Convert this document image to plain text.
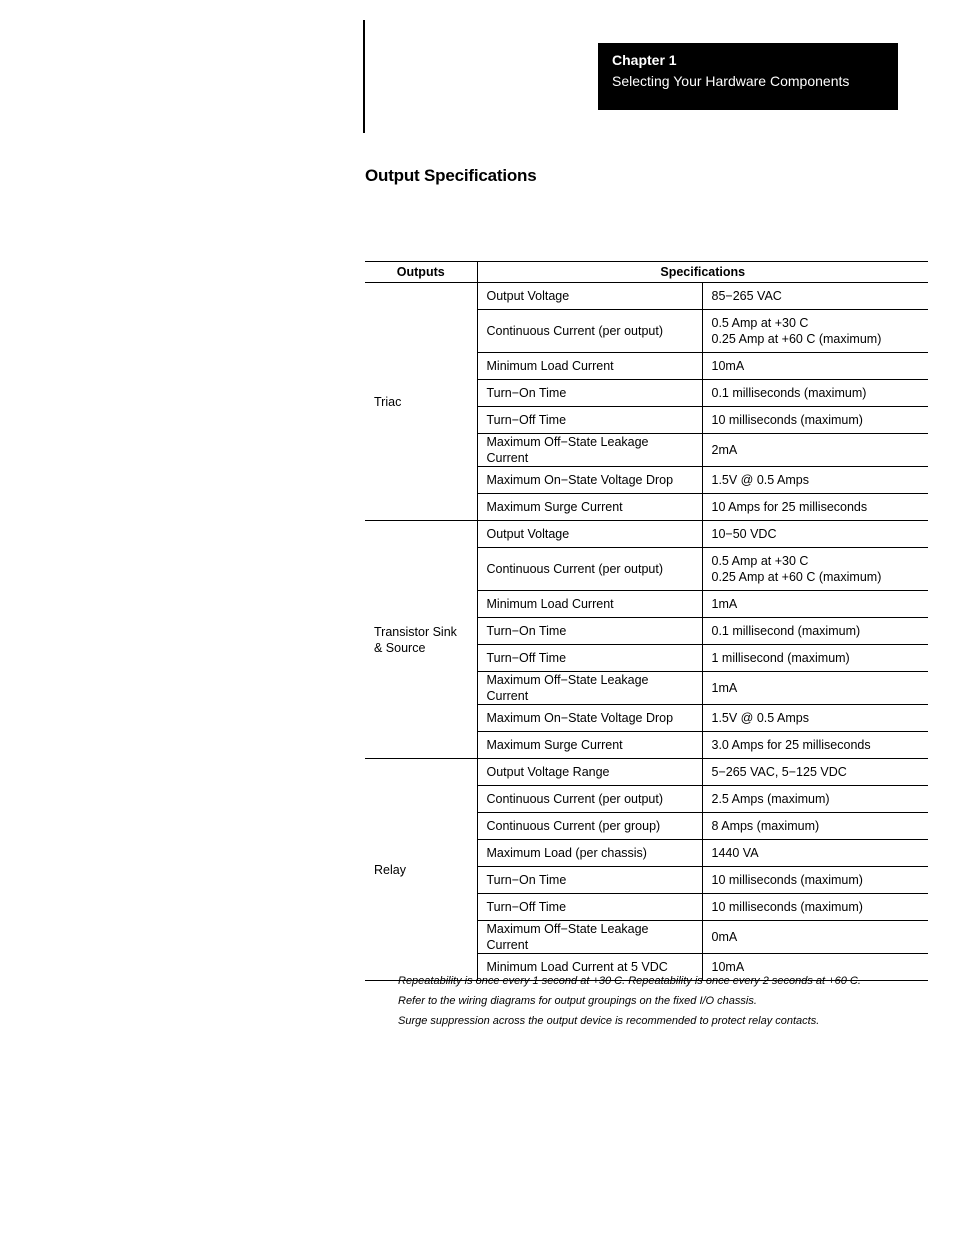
Chapter 1
Selecting Your Hardware Components
Output Specifications
Outputs	Specifications	
Triac	Output Voltage	85−265 VAC

	Continuous Current (per output)	0.5 Amp at +30 C
0.25 Amp at +60 C (maximum)

	Minimum Load Current	10mA

	Turn−On Time	0.1 milliseconds (maximum)

	Turn−Off Time	10 milliseconds (maximum)

	Maximum Off−State Leakage Current	2mA

	Maximum On−State Voltage Drop	1.5V @ 0.5 Amps

	Maximum Surge Current	10 Amps for 25 milliseconds

Transistor Sink & Source	Output Voltage	10−50 VDC

	Continuous Current (per output)	0.5 Amp at +30 C
0.25 Amp at +60 C (maximum)

	Minimum Load Current	1mA

	Turn−On Time	0.1 millisecond (maximum)

	Turn−Off Time	1 millisecond (maximum)

	Maximum Off−State Leakage Current	1mA

	Maximum On−State Voltage Drop	1.5V @ 0.5 Amps

	Maximum Surge Current	3.0 Amps for 25 milliseconds

Relay	Output Voltage Range	5−265 VAC, 5−125 VDC

	Continuous Current (per output)	2.5 Amps (maximum)

	Continuous Current (per group)	8 Amps (maximum)

	Maximum Load (per chassis)	1440 VA

	Turn−On Time	10 milliseconds (maximum)

	Turn−Off Time	10 milliseconds (maximum)

	Maximum Off−State Leakage Current	0mA

	Minimum Load Current at 5 VDC	10mA
Repeatability is once every 1 second at +30 C. Repeatability is once every 2 seconds at +60 C.
Refer to the wiring diagrams for output groupings on the fixed I/O chassis.
Surge suppression across the output device is recommended to protect relay contacts.
